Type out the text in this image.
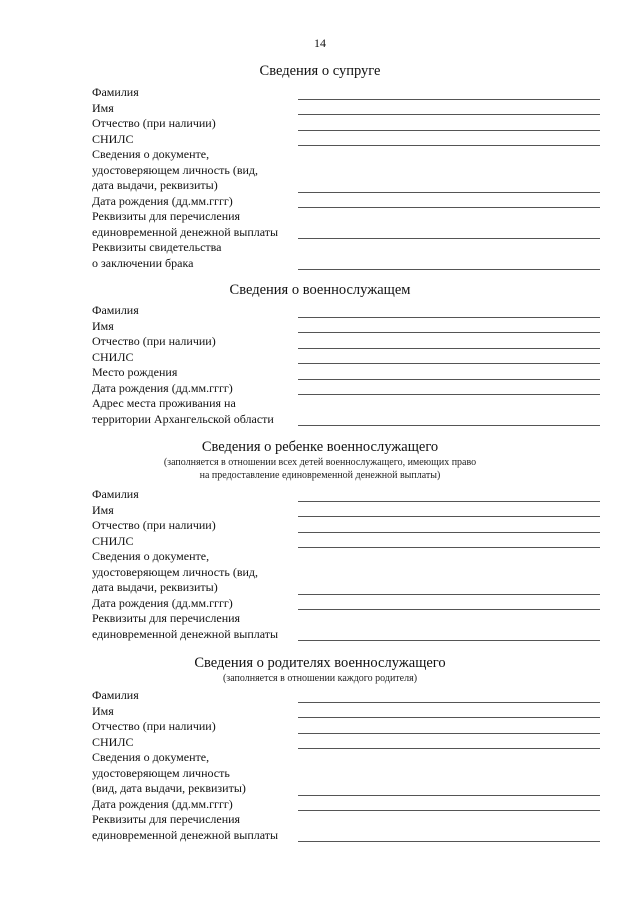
14
Сведения о супруге
Фамилия
Имя
Отчество (при наличии)
СНИЛС
Сведения о документе,
удостоверяющем личность (вид,
дата выдачи, реквизиты)
Дата рождения (дд.мм.гггг)
Реквизиты для перечисления
единовременной денежной выплаты
Реквизиты свидетельства
о заключении брака
Сведения о военнослужащем
Фамилия
Имя
Отчество (при наличии)
СНИЛС
Место рождения
Дата рождения (дд.мм.гггг)
Адрес места проживания на
территории Архангельской области
Сведения о ребенке военнослужащего
(заполняется в отношении всех детей военнослужащего, имеющих право
на предоставление единовременной денежной выплаты)
Фамилия
Имя
Отчество (при наличии)
СНИЛС
Сведения о документе,
удостоверяющем личность (вид,
дата выдачи, реквизиты)
Дата рождения (дд.мм.гггг)
Реквизиты для перечисления
единовременной денежной выплаты
Сведения о родителях военнослужащего
(заполняется в отношении каждого родителя)
Фамилия
Имя
Отчество (при наличии)
СНИЛС
Сведения о документе,
удостоверяющем личность
(вид, дата выдачи, реквизиты)
Дата рождения (дд.мм.гггг)
Реквизиты для перечисления
единовременной денежной выплаты
